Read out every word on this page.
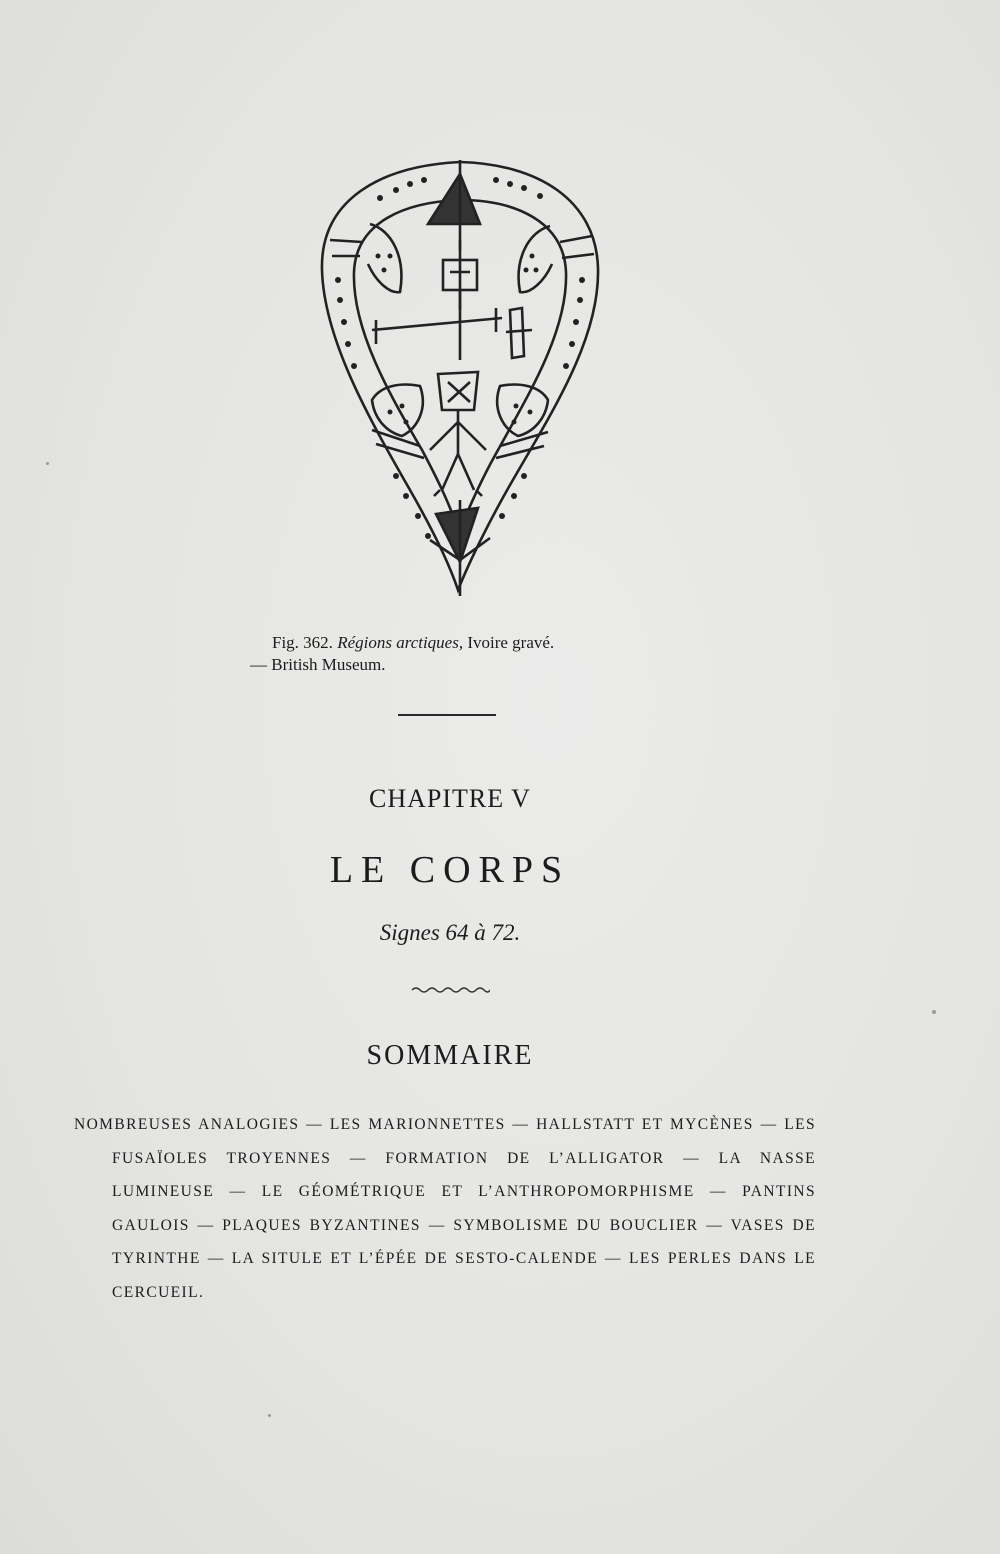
Fig. 362. Régions arctiques, Ivoire gravé.
— British Museum.
CHAPITRE V
LE CORPS
Signes 64 à 72.
SOMMAIRE
NOMBREUSES ANALOGIES — LES MARIONNETTES — HALLSTATT ET MYCÈNES — LES FUSAÏOLES TROYENNES — FORMATION DE L’ALLIGATOR — LA NASSE LUMINEUSE — LE GÉOMÉTRIQUE ET L’ANTHROPOMORPHISME — PANTINS GAULOIS — PLAQUES BYZANTINES — SYMBOLISME DU BOUCLIER — VASES DE TYRINTHE — LA SITULE ET L’ÉPÉE DE SESTO-CALENDE — LES PERLES DANS LE CERCUEIL.
